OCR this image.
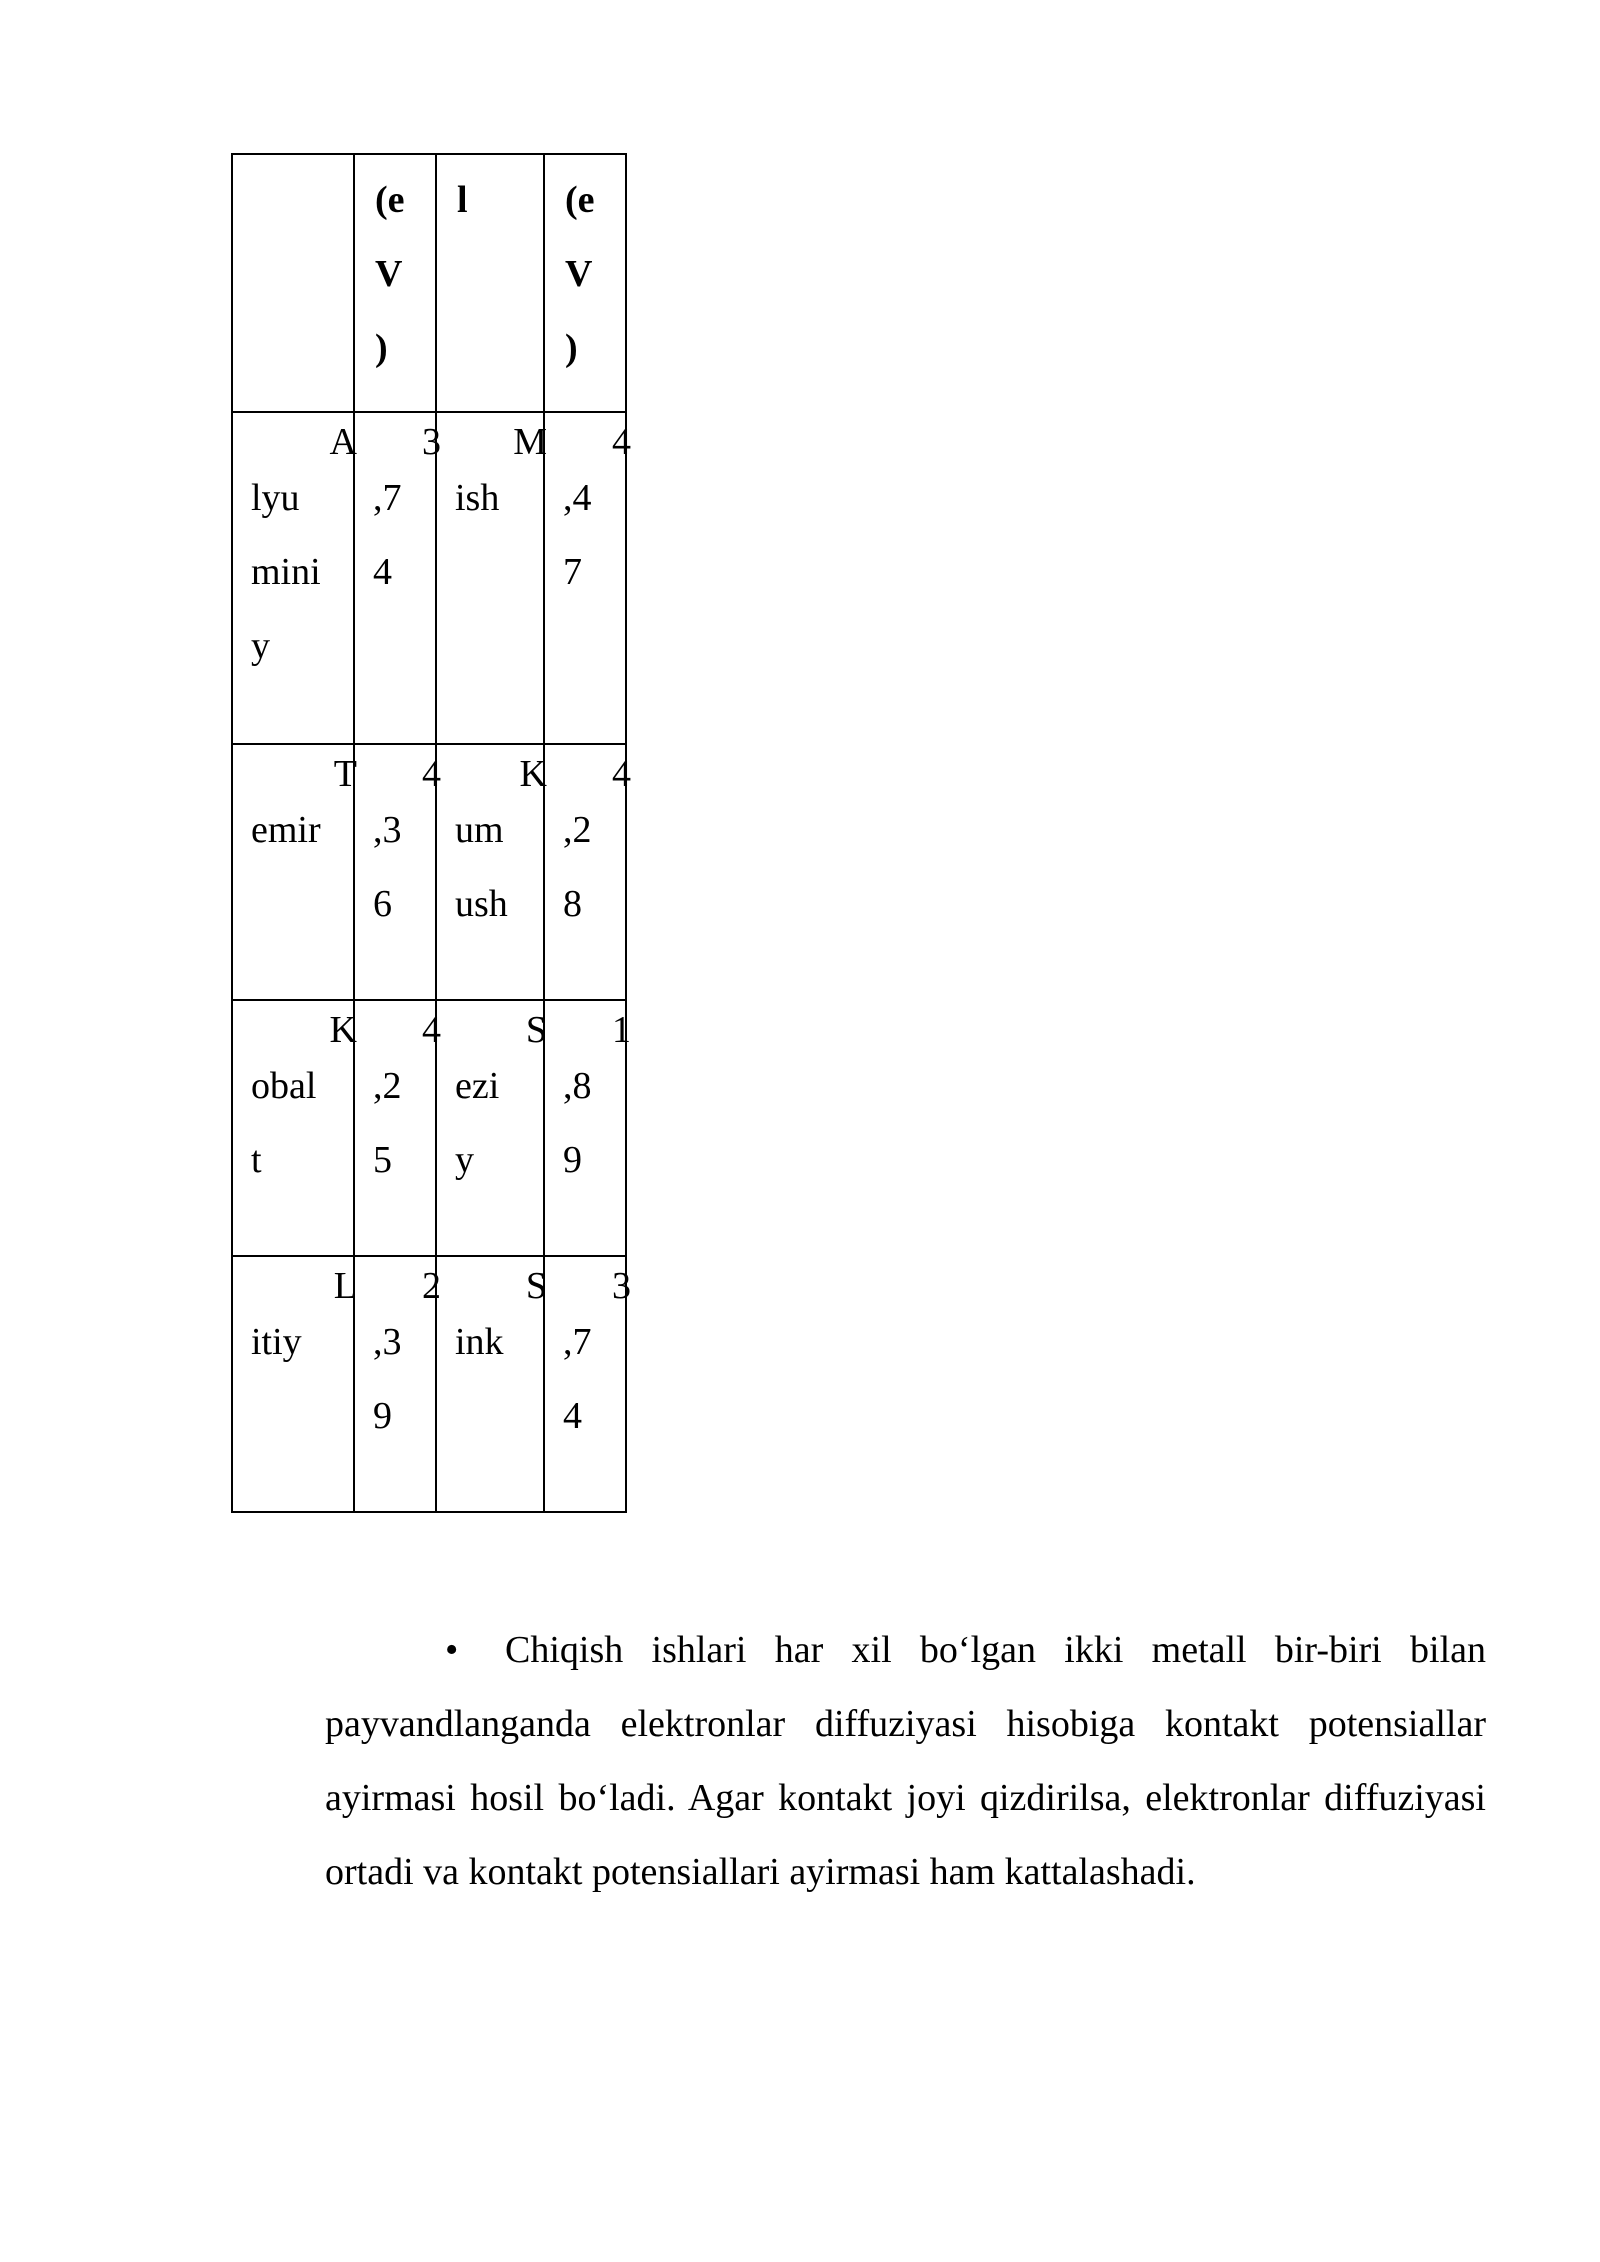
	(e
V
)	l	(e
V
)

A
lyu
mini
y	3
,7
4	M
ish	4
,4
7

T
emir	4
,3
6	K
um
ush	4
,2
8

K
obal
t	4
,2
5	S
ezi
y	1
,8
9

L
itiy	2
,3
9	S
ink	3
,7
4

• Chiqish ishlari har xil bo‘lgan ikki metall bir-biri bilan payvandlanganda elektronlar diffuziyasi hisobiga kontakt potensiallar ayirmasi hosil bo‘ladi. Agar kontakt joyi qizdirilsa, elektronlar diffuziyasi ortadi va kontakt potensiallari ayirmasi ham kattalashadi.
